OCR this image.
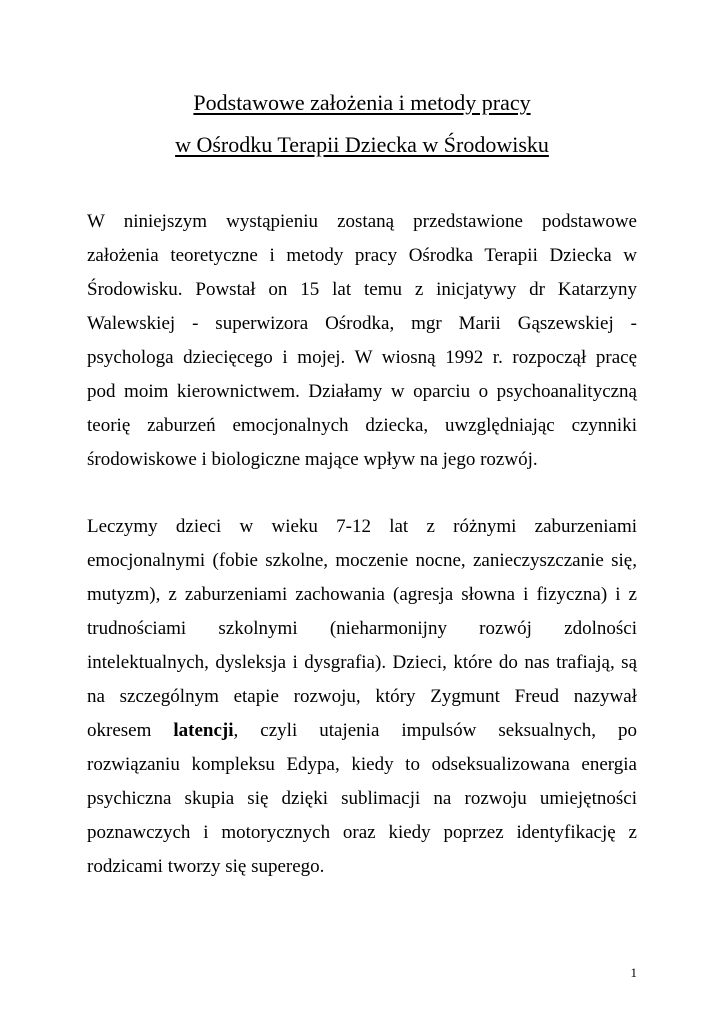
Podstawowe założenia i metody pracy
w Ośrodku Terapii Dziecka w Środowisku
W niniejszym wystąpieniu zostaną przedstawione podstawowe
założenia teoretyczne i metody pracy Ośrodka Terapii Dziecka w
Środowisku. Powstał on 15 lat temu z inicjatywy dr Katarzyny
Walewskiej - superwizora Ośrodka, mgr Marii Gąszewskiej -
psychologa dziecięcego i mojej. W wiosną 1992 r. rozpoczął pracę
pod moim kierownictwem. Działamy w oparciu o psychoanalityczną
teorię zaburzeń emocjonalnych dziecka, uwzględniając czynniki
środowiskowe i biologiczne mające wpływ na jego rozwój.
Leczymy dzieci w wieku 7-12 lat z różnymi zaburzeniami
emocjonalnymi (fobie szkolne, moczenie nocne, zanieczyszczanie się,
mutyzm), z zaburzeniami zachowania (agresja słowna i fizyczna) i z
trudnościami szkolnymi (nieharmonijny rozwój zdolności
intelektualnych, dysleksja i dysgrafia). Dzieci, które do nas trafiają, są
na szczególnym etapie rozwoju, który Zygmunt Freud nazywał
okresem latencji, czyli utajenia impulsów seksualnych, po
rozwiązaniu kompleksu Edypa, kiedy to odseksualizowana energia
psychiczna skupia się dzięki sublimacji na rozwoju umiejętności
poznawczych i motorycznych oraz kiedy poprzez identyfikację z
rodzicami tworzy się superego.
1
